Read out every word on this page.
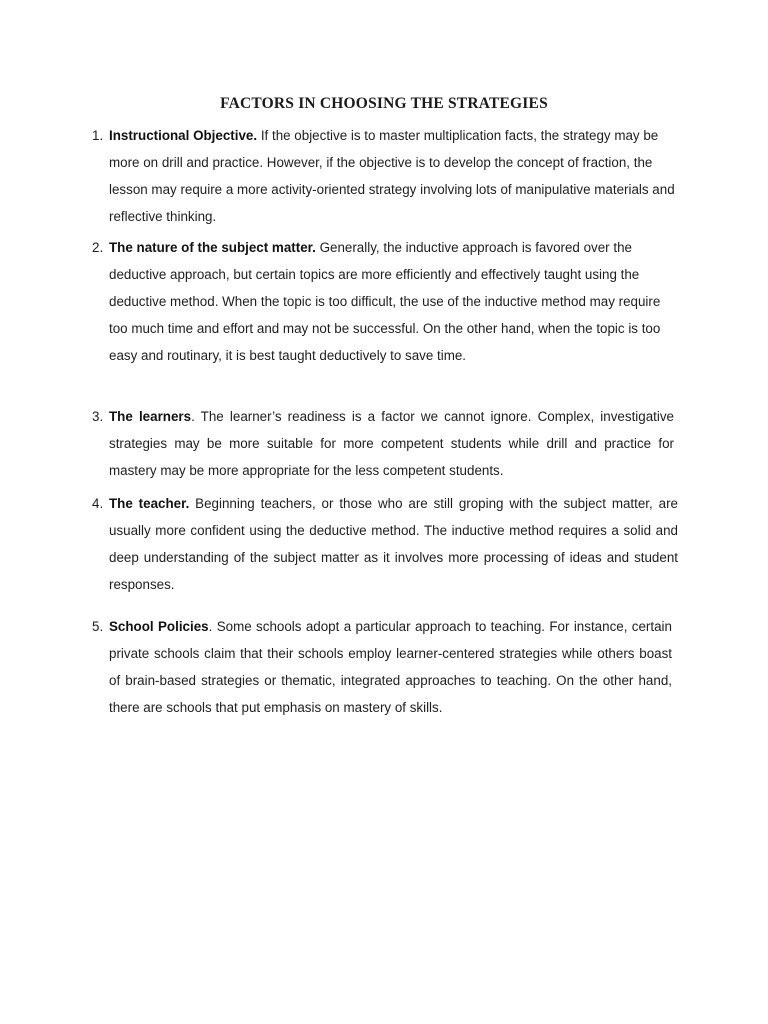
FACTORS IN CHOOSING THE STRATEGIES
1. Instructional Objective. If the objective is to master multiplication facts, the strategy may be more on drill and practice. However, if the objective is to develop the concept of fraction, the lesson may require a more activity-oriented strategy involving lots of manipulative materials and reflective thinking.
2. The nature of the subject matter. Generally, the inductive approach is favored over the deductive approach, but certain topics are more efficiently and effectively taught using the deductive method. When the topic is too difficult, the use of the inductive method may require too much time and effort and may not be successful. On the other hand, when the topic is too easy and routinary, it is best taught deductively to save time.
3. The learners. The learner’s readiness is a factor we cannot ignore. Complex, investigative strategies may be more suitable for more competent students while drill and practice for mastery may be more appropriate for the less competent students.
4. The teacher. Beginning teachers, or those who are still groping with the subject matter, are usually more confident using the deductive method. The inductive method requires a solid and deep understanding of the subject matter as it involves more processing of ideas and student responses.
5. School Policies. Some schools adopt a particular approach to teaching. For instance, certain private schools claim that their schools employ learner-centered strategies while others boast of brain-based strategies or thematic, integrated approaches to teaching. On the other hand, there are schools that put emphasis on mastery of skills.
